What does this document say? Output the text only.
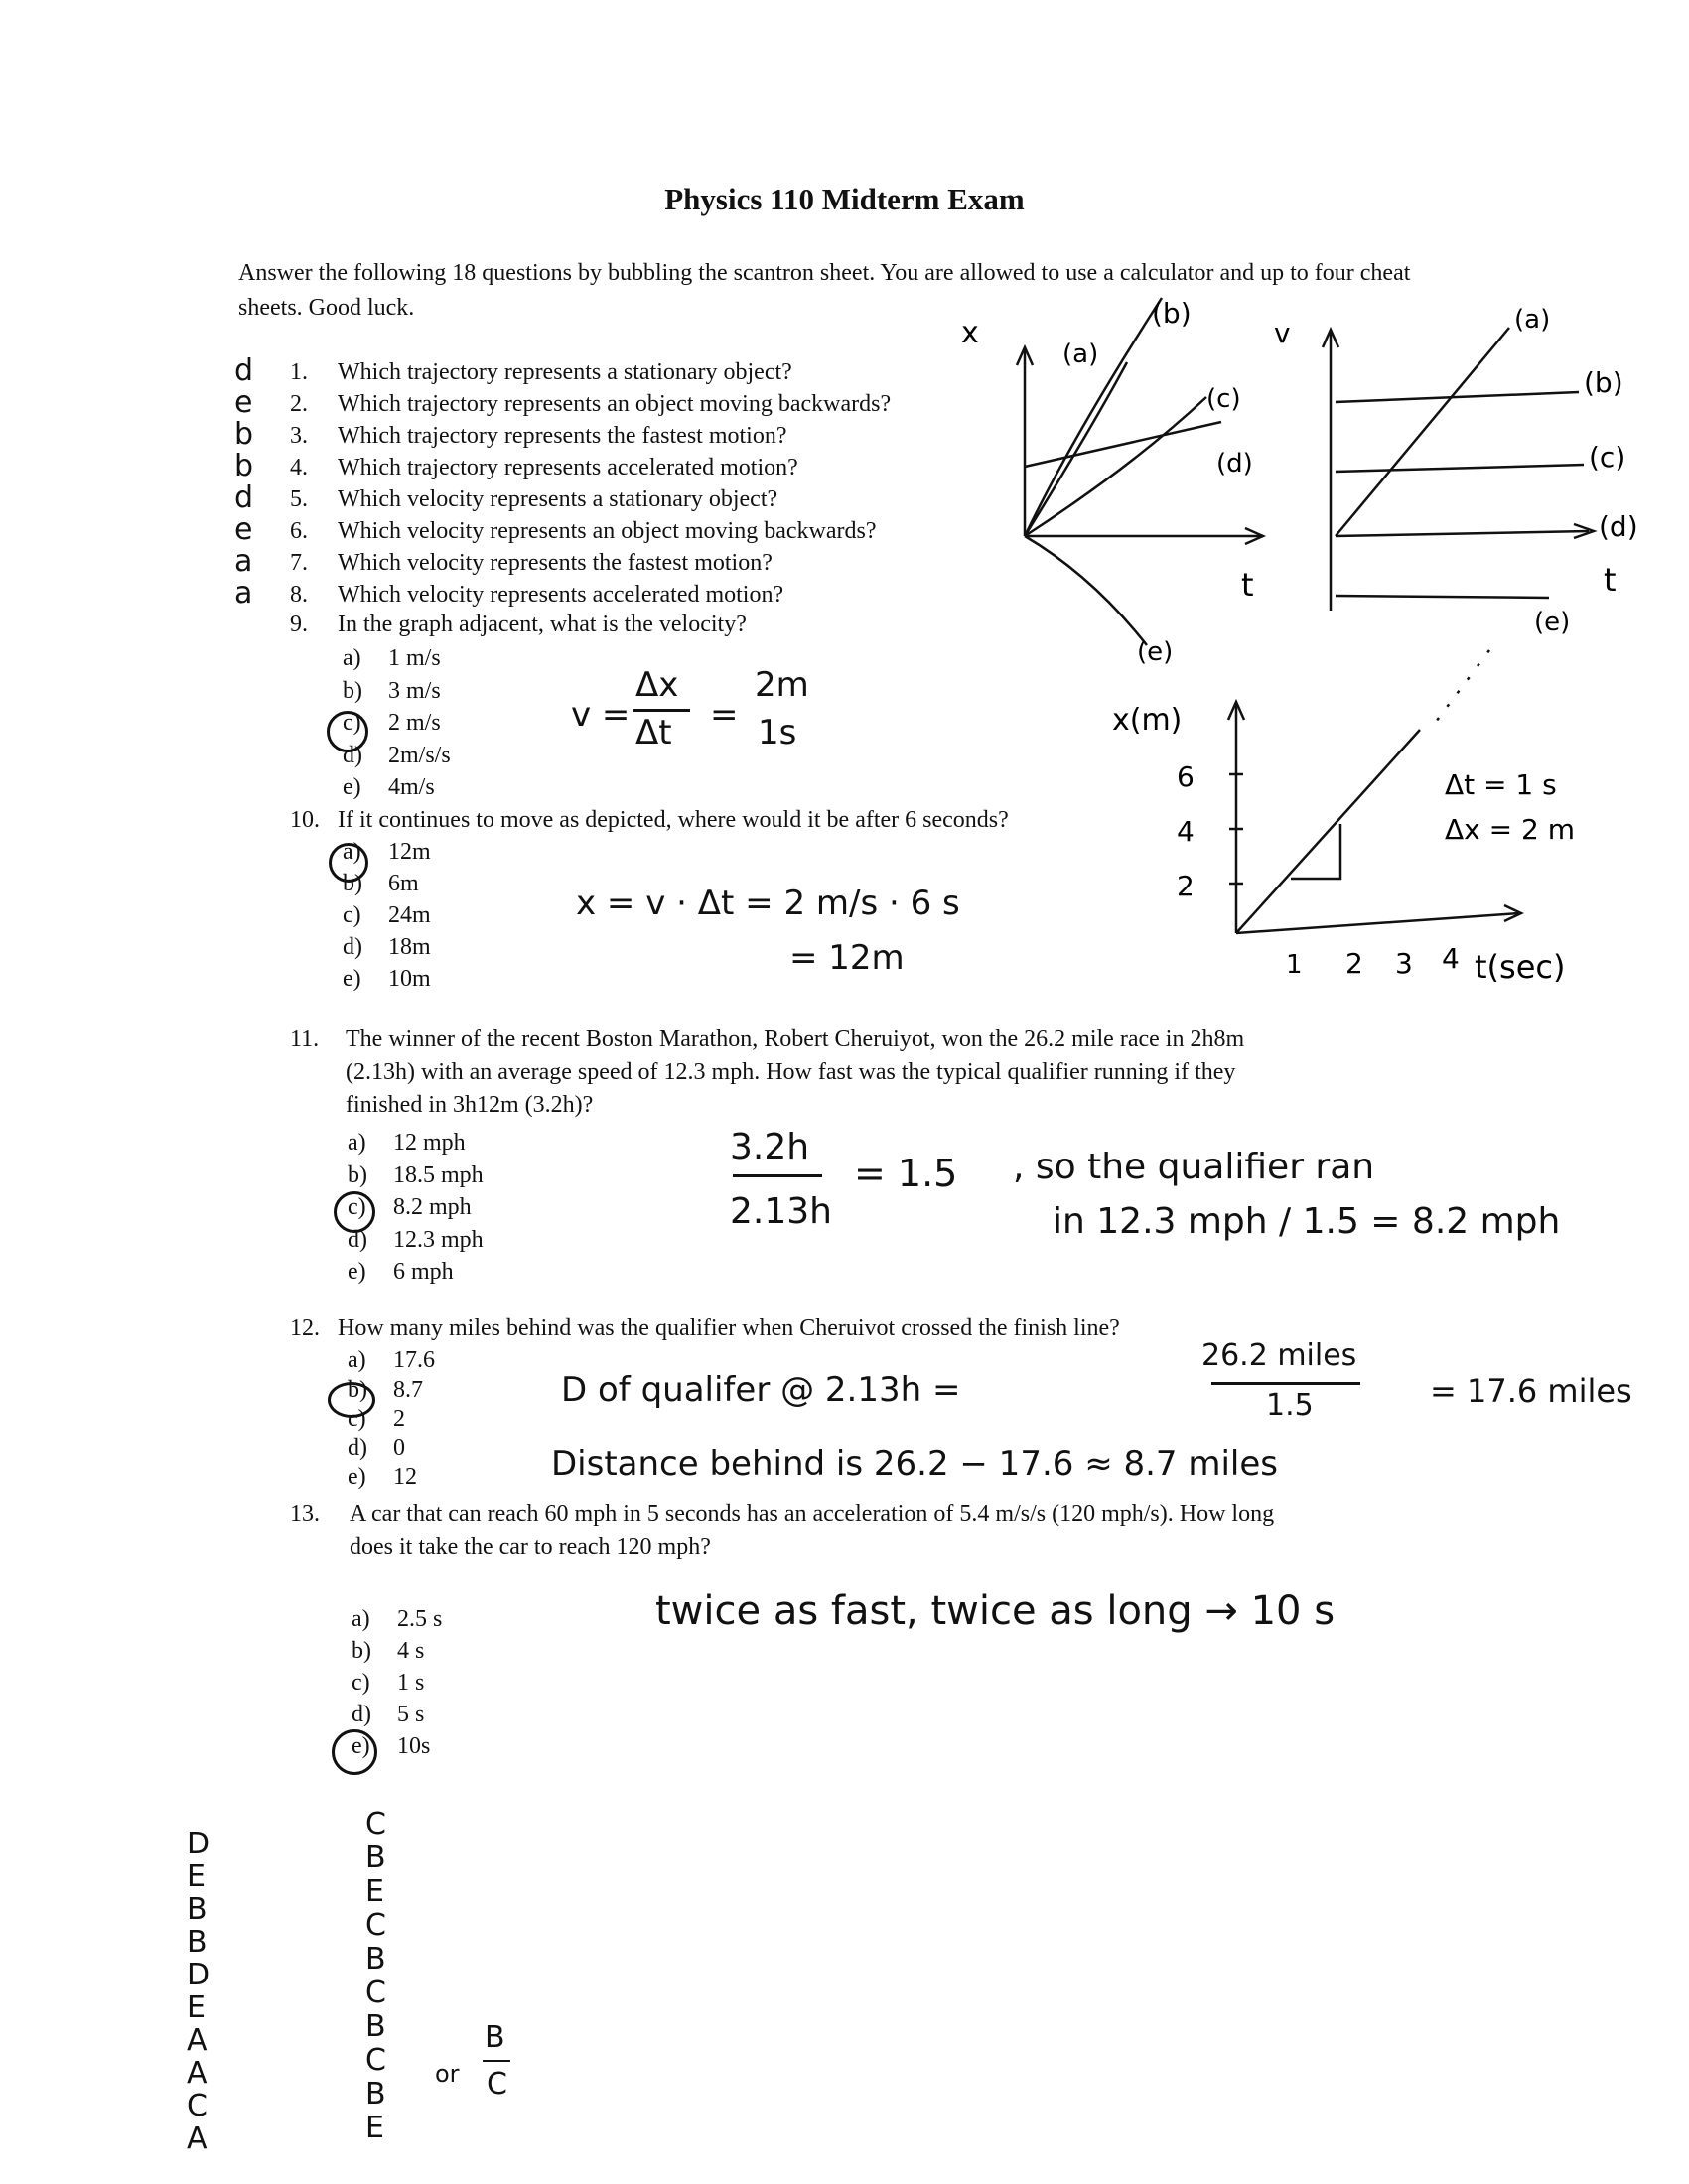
Physics 110 Midterm Exam
Answer the following 18 questions by bubbling the scantron sheet. You are allowed to use a calculator and up to four cheat sheets. Good luck.
d 1. Which trajectory represents a stationary object?
e 2. Which trajectory represents an object moving backwards?
b 3. Which trajectory represents the fastest motion?
b 4. Which trajectory represents accelerated motion?
d 5. Which velocity represents a stationary object?
e 6. Which velocity represents an object moving backwards?
a 7. Which velocity represents the fastest motion?
a 8. Which velocity represents accelerated motion?
x
t
(a)
(b)
(c)
(d)
(e)
v
t
(a)
(b)
(c)
(d)
(e)
x(m)
t(sec)
6
4
2
1 2 3 4
Δt = 1 s
Δx = 2 m
9. In the graph adjacent, what is the velocity?
a) 1 m/s
b) 3 m/s
c) 2 m/s
d) 2m/s/s
e) 4m/s
v =
Δx
Δt =
2m
1s
10. If it continues to move as depicted, where would it be after 6 seconds?
a) 12m
b) 6m
c) 24m
d) 18m
e) 10m
x = v · Δt = 2 m/s · 6 s
= 12m
11.	The winner of the recent Boston Marathon, Robert Cheruiyot, won the 26.2 mile race in 2h8m
(2.13h) with an average speed of 12.3 mph. How fast was the typical qualifier running if they
finished in 3h12m (3.2h)?
a) 12 mph
b) 18.5 mph
c) 8.2 mph
d) 12.3 mph
e) 6 mph
3.2h
2.13h
= 1.5 , so the qualifier ran
in 12.3 mph / 1.5 = 8.2 mph
12. How many miles behind was the qualifier when Cheruivot crossed the finish line?
a) 17.6
b) 8.7
c) 2
d) 0
e) 12
D of qualifer @ 2.13h =
26.2 miles
1.5	= 17.6 miles
Distance behind is 26.2 − 17.6 ≈ 8.7 miles
13.	A car that can reach 60 mph in 5 seconds has an acceleration of 5.4 m/s/s (120 mph/s). How long
does it take the car to reach 120 mph?
a) 2.5 s
b) 4 s
c) 1 s
d) 5 s
e) 10s
twice as fast, twice as long → 10 s
D
E
B
B
D
E
A
A
C
A
C
B
E
C
B
C
B
C
B
E
or
B
C
